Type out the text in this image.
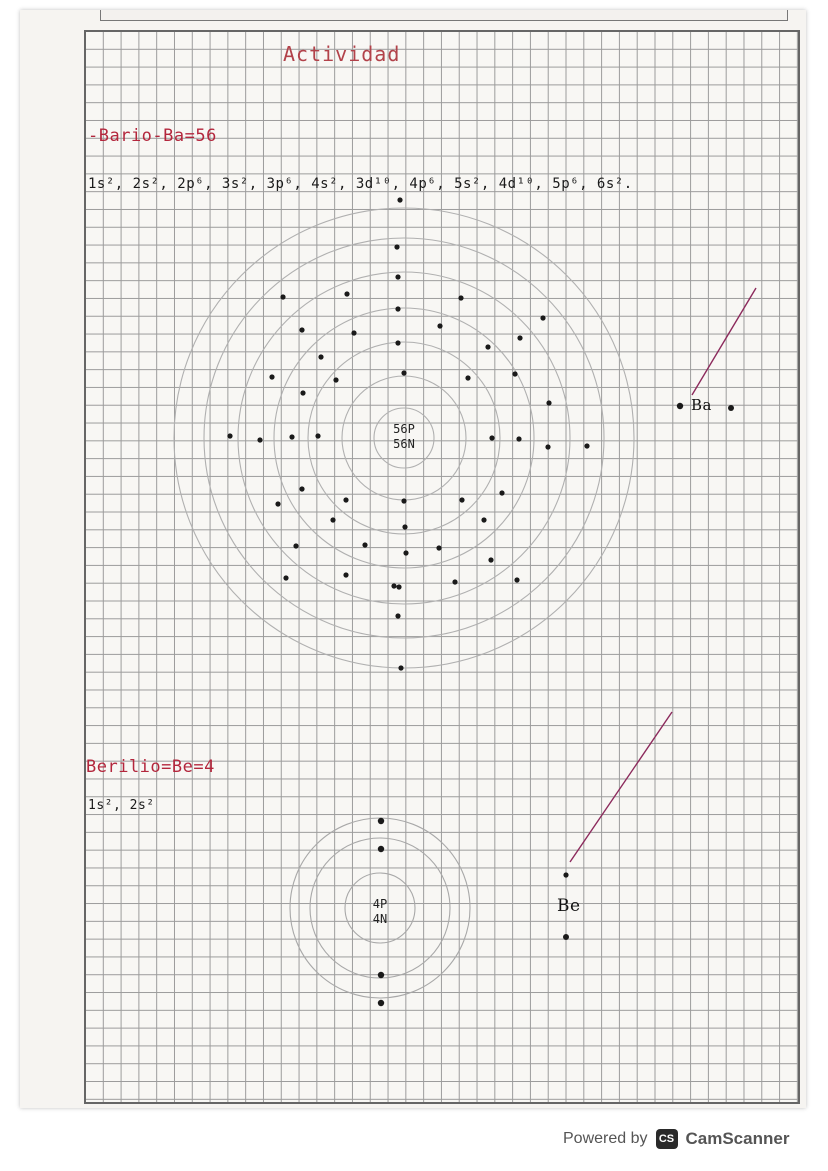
Actividad
-Bario-Ba=56
1s², 2s², 2p⁶, 3s², 3p⁶, 4s², 3d¹⁰, 4p⁶, 5s², 4d¹⁰, 5p⁶, 6s².
Berilio=Be=4
1s², 2s²
56P
56N
4P
4N
Ba
Be
Powered by	CS CamScanner
